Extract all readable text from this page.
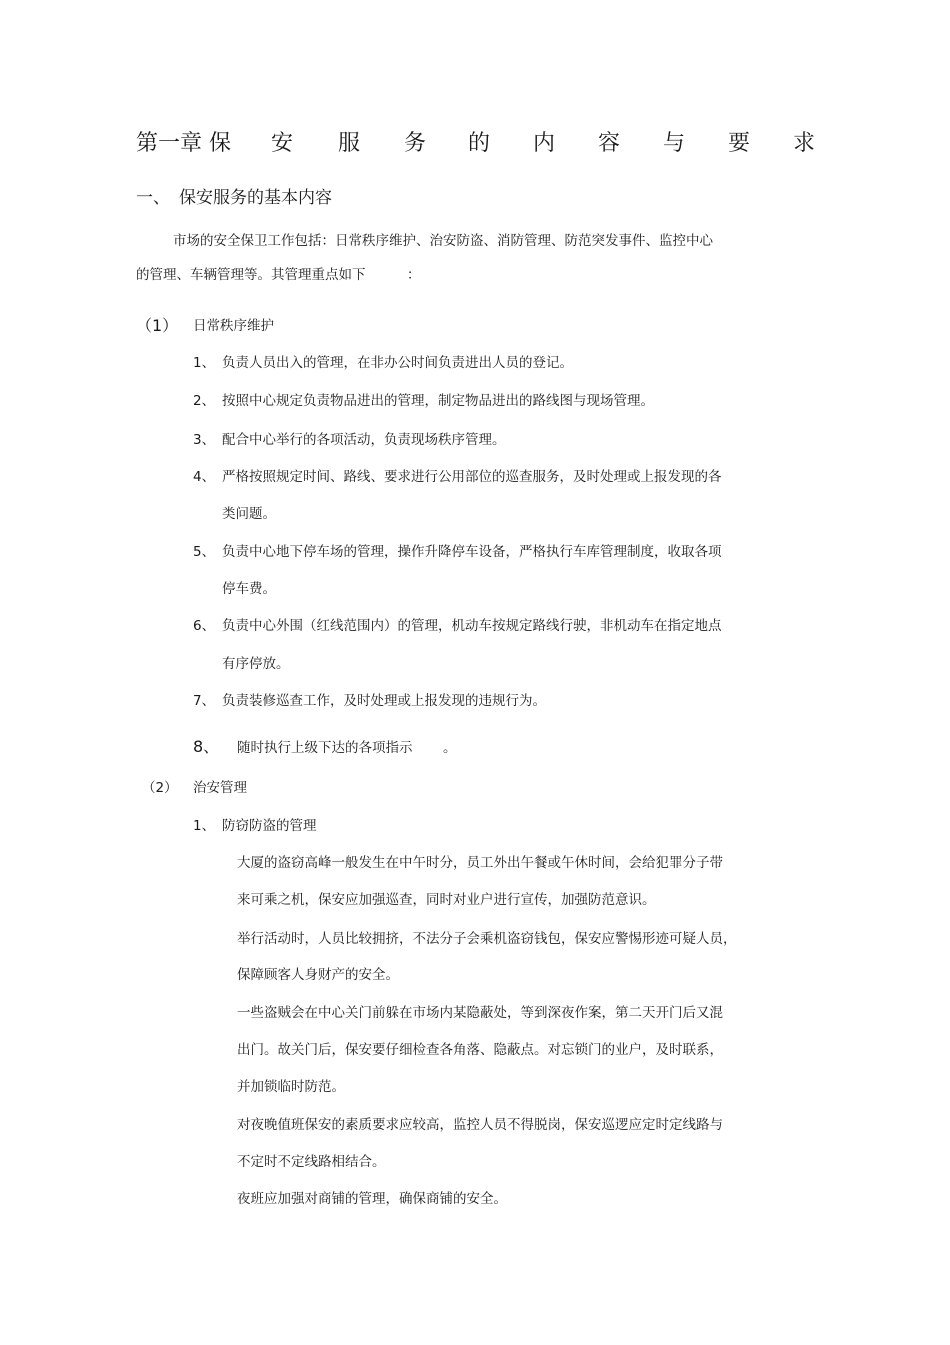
第一章 保 安 服 务 的 内 容 与 要 求
一、 保安服务的基本内容
市场的安全保卫工作包括：日常秩序维护、治安防盗、消防管理、防范突发事件、监控中心
的管理、车辆管理等。其管理重点如下	：
（1） 日常秩序维护
1、 负责人员出入的管理，在非办公时间负责进出人员的登记。
2、 按照中心规定负责物品进出的管理，制定物品进出的路线图与现场管理。
3、 配合中心举行的各项活动，负责现场秩序管理。
4、 严格按照规定时间、路线、要求进行公用部位的巡查服务，及时处理或上报发现的各
类问题。
5、 负责中心地下停车场的管理，操作升降停车设备，严格执行车库管理制度，收取各项
停车费。
6、 负责中心外围（红线范围内）的管理，机动车按规定路线行驶，非机动车在指定地点
有序停放。
7、 负责装修巡查工作，及时处理或上报发现的违规行为。
8、 随时执行上级下达的各项指示 。
（2） 治安管理
1、 防窃防盗的管理
大厦的盗窃高峰一般发生在中午时分，员工外出午餐或午休时间，会给犯罪分子带
来可乘之机，保安应加强巡查，同时对业户进行宣传，加强防范意识。
举行活动时，人员比较拥挤，不法分子会乘机盗窃钱包，保安应警惕形迹可疑人员，
保障顾客人身财产的安全。
一些盗贼会在中心关门前躲在市场内某隐蔽处，等到深夜作案，第二天开门后又混
出门。故关门后，保安要仔细检查各角落、隐蔽点。对忘锁门的业户，及时联系，
并加锁临时防范。
对夜晚值班保安的素质要求应较高，监控人员不得脱岗，保安巡逻应定时定线路与
不定时不定线路相结合。
夜班应加强对商铺的管理，确保商铺的安全。
